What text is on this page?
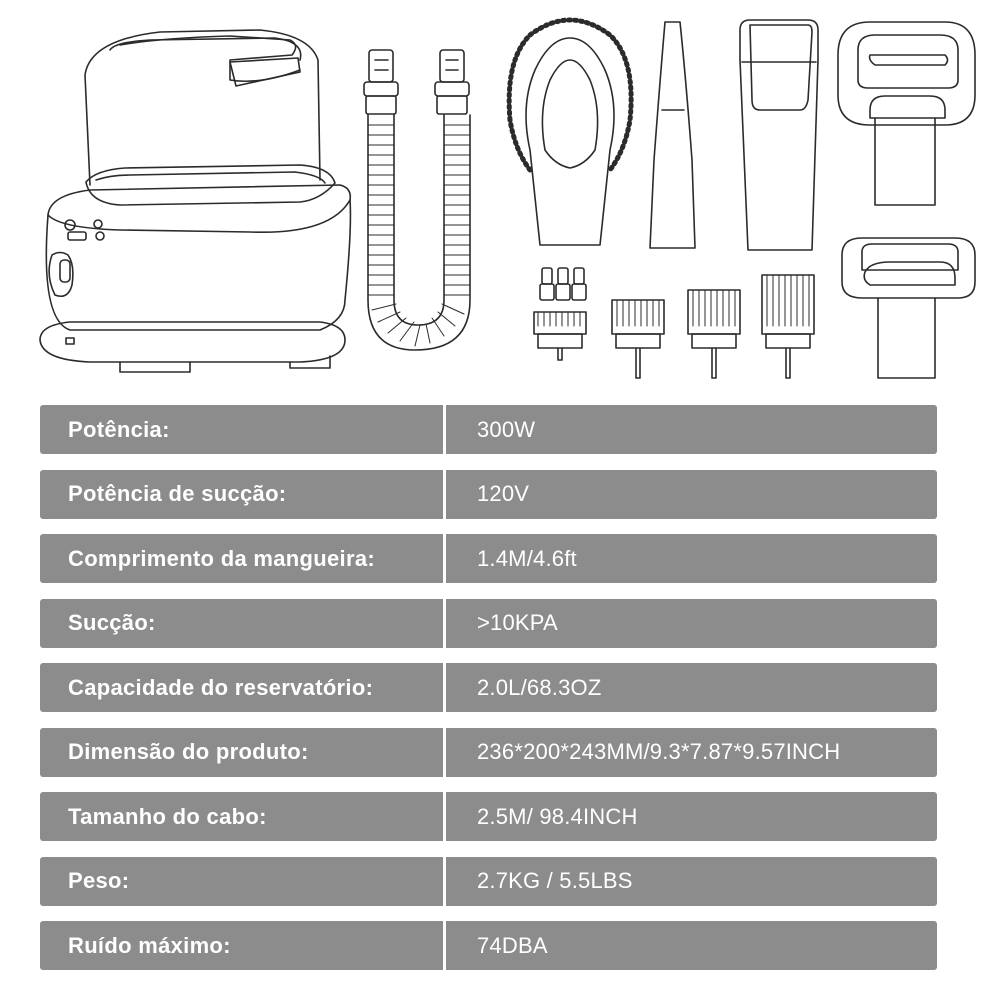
Potência:	300W
Potência de sucção:	120V
Comprimento da mangueira:	1.4M/4.6ft
Sucção:	>10KPA
Capacidade do reservatório:	2.0L/68.3OZ
Dimensão do produto:	236*200*243MM/9.3*7.87*9.57INCH
Tamanho do cabo:	2.5M/ 98.4INCH
Peso:	2.7KG / 5.5LBS
Ruído máximo:	74DBA
